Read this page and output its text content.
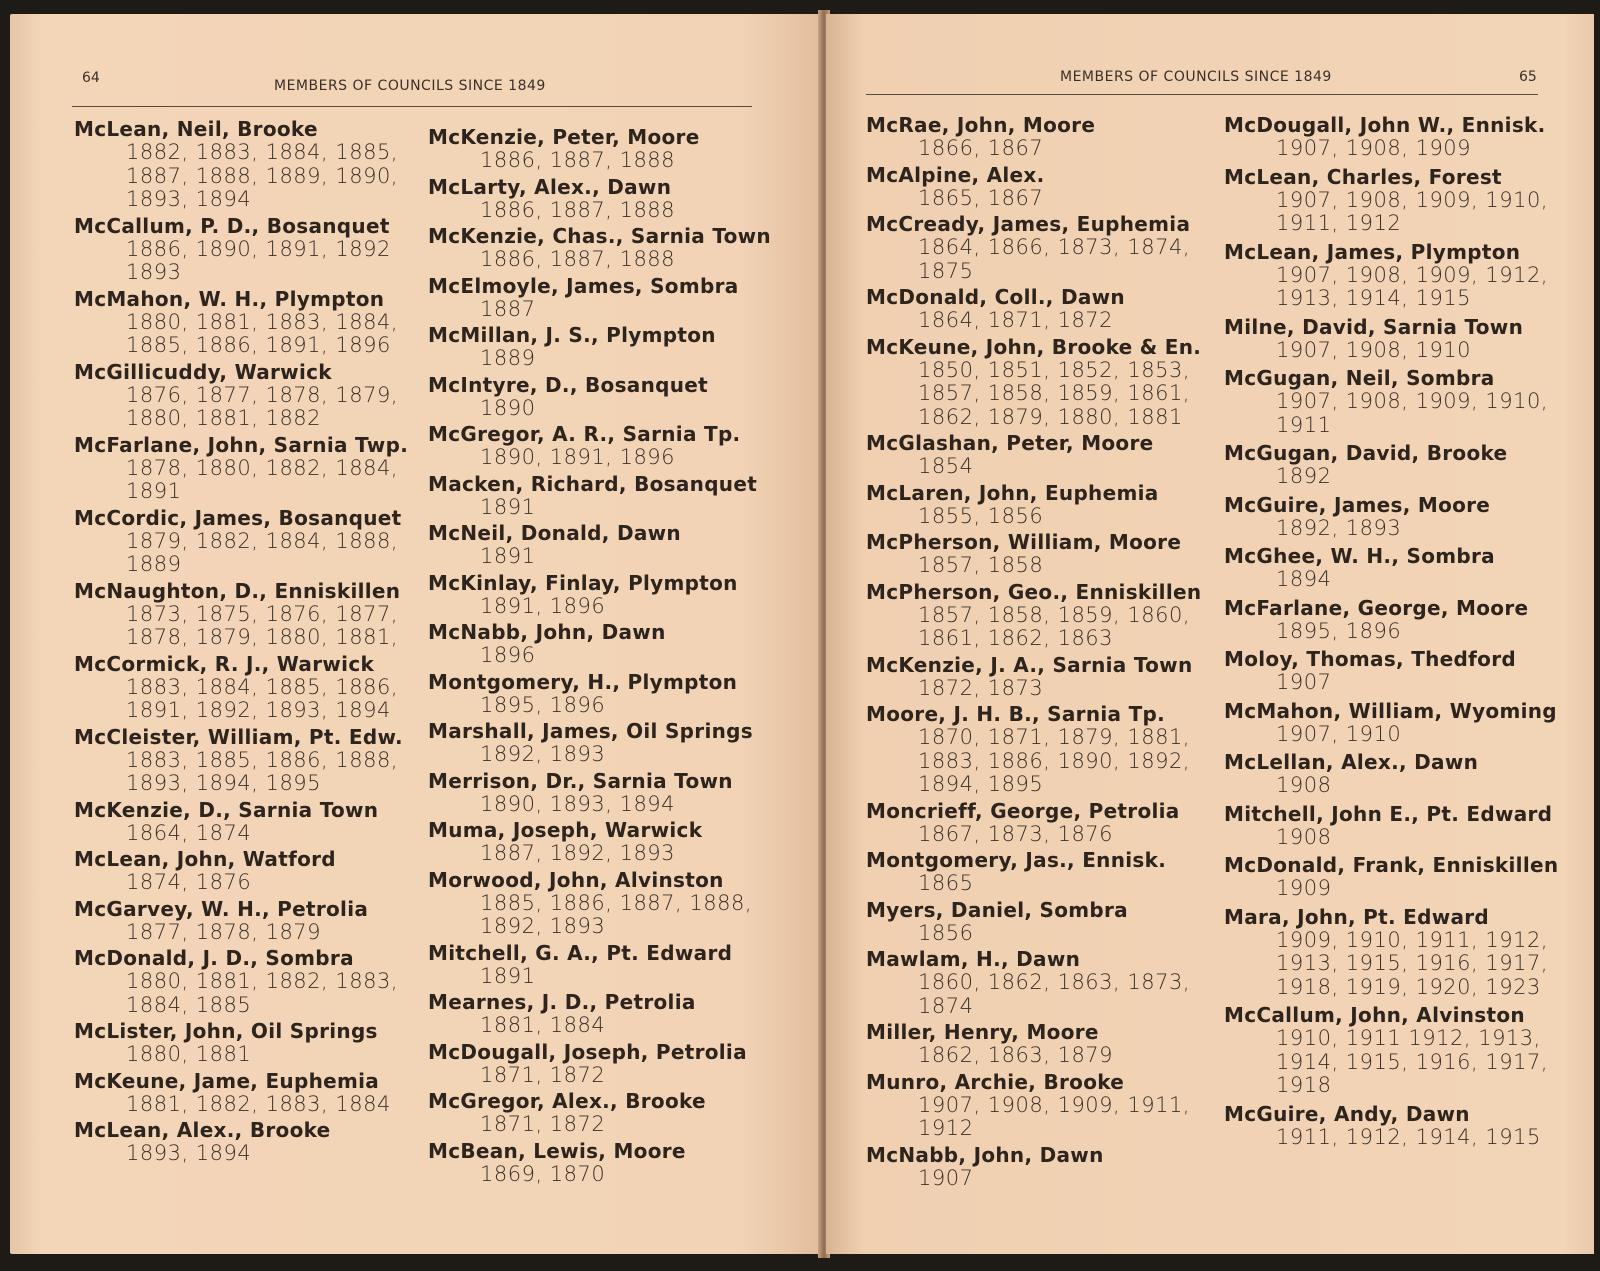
64	MEMBERS OF COUNCILS SINCE 1849
McLean, Neil, Brooke
1882, 1883, 1884, 1885,
1887, 1888, 1889, 1890,
1893, 1894
McCallum, P. D., Bosanquet
1886, 1890, 1891, 1892
1893
McMahon, W. H., Plympton
1880, 1881, 1883, 1884,
1885, 1886, 1891, 1896
McGillicuddy, Warwick
1876, 1877, 1878, 1879,
1880, 1881, 1882
McFarlane, John, Sarnia Twp.
1878, 1880, 1882, 1884,
1891
McCordic, James, Bosanquet
1879, 1882, 1884, 1888,
1889
McNaughton, D., Enniskillen
1873, 1875, 1876, 1877,
1878, 1879, 1880, 1881,
McCormick, R. J., Warwick
1883, 1884, 1885, 1886,
1891, 1892, 1893, 1894
McCleister, William, Pt. Edw.
1883, 1885, 1886, 1888,
1893, 1894, 1895
McKenzie, D., Sarnia Town
1864, 1874
McLean, John, Watford
1874, 1876
McGarvey, W. H., Petrolia
1877, 1878, 1879
McDonald, J. D., Sombra
1880, 1881, 1882, 1883,
1884, 1885
McLister, John, Oil Springs
1880, 1881
McKeune, Jame, Euphemia
1881, 1882, 1883, 1884
McLean, Alex., Brooke
1893, 1894
McKenzie, Peter, Moore
1886, 1887, 1888
McLarty, Alex., Dawn
1886, 1887, 1888
McKenzie, Chas., Sarnia Town
1886, 1887, 1888
McElmoyle, James, Sombra
1887
McMillan, J. S., Plympton
1889
McIntyre, D., Bosanquet
1890
McGregor, A. R., Sarnia Tp.
1890, 1891, 1896
Macken, Richard, Bosanquet
1891
McNeil, Donald, Dawn
1891
McKinlay, Finlay, Plympton
1891, 1896
McNabb, John, Dawn
1896
Montgomery, H., Plympton
1895, 1896
Marshall, James, Oil Springs
1892, 1893
Merrison, Dr., Sarnia Town
1890, 1893, 1894
Muma, Joseph, Warwick
1887, 1892, 1893
Morwood, John, Alvinston
1885, 1886, 1887, 1888,
1892, 1893
Mitchell, G. A., Pt. Edward
1891
Mearnes, J. D., Petrolia
1881, 1884
McDougall, Joseph, Petrolia
1871, 1872
McGregor, Alex., Brooke
1871, 1872
McBean, Lewis, Moore
1869, 1870
MEMBERS OF COUNCILS SINCE 1849	65
McRae, John, Moore
1866, 1867
McAlpine, Alex.
1865, 1867
McCready, James, Euphemia
1864, 1866, 1873, 1874,
1875
McDonald, Coll., Dawn
1864, 1871, 1872
McKeune, John, Brooke & En.
1850, 1851, 1852, 1853,
1857, 1858, 1859, 1861,
1862, 1879, 1880, 1881
McGlashan, Peter, Moore
1854
McLaren, John, Euphemia
1855, 1856
McPherson, William, Moore
1857, 1858
McPherson, Geo., Enniskillen
1857, 1858, 1859, 1860,
1861, 1862, 1863
McKenzie, J. A., Sarnia Town
1872, 1873
Moore, J. H. B., Sarnia Tp.
1870, 1871, 1879, 1881,
1883, 1886, 1890, 1892,
1894, 1895
Moncrieff, George, Petrolia
1867, 1873, 1876
Montgomery, Jas., Ennisk.
1865
Myers, Daniel, Sombra
1856
Mawlam, H., Dawn
1860, 1862, 1863, 1873,
1874
Miller, Henry, Moore
1862, 1863, 1879
Munro, Archie, Brooke
1907, 1908, 1909, 1911,
1912
McNabb, John, Dawn
1907
McDougall, John W., Ennisk.
1907, 1908, 1909
McLean, Charles, Forest
1907, 1908, 1909, 1910,
1911, 1912
McLean, James, Plympton
1907, 1908, 1909, 1912,
1913, 1914, 1915
Milne, David, Sarnia Town
1907, 1908, 1910
McGugan, Neil, Sombra
1907, 1908, 1909, 1910,
1911
McGugan, David, Brooke
1892
McGuire, James, Moore
1892, 1893
McGhee, W. H., Sombra
1894
McFarlane, George, Moore
1895, 1896
Moloy, Thomas, Thedford
1907
McMahon, William, Wyoming
1907, 1910
McLellan, Alex., Dawn
1908
Mitchell, John E., Pt. Edward
1908
McDonald, Frank, Enniskillen
1909
Mara, John, Pt. Edward
1909, 1910, 1911, 1912,
1913, 1915, 1916, 1917,
1918, 1919, 1920, 1923
McCallum, John, Alvinston
1910, 1911 1912, 1913,
1914, 1915, 1916, 1917,
1918
McGuire, Andy, Dawn
1911, 1912, 1914, 1915
